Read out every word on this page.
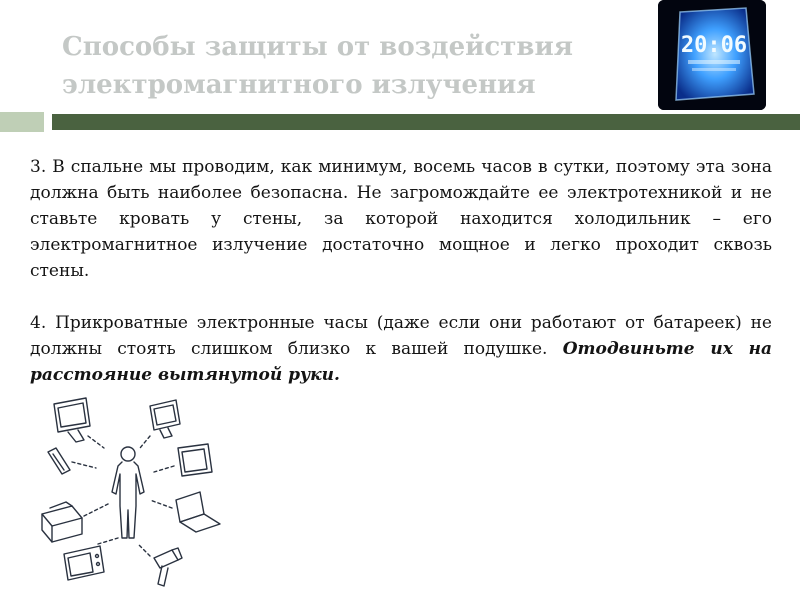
Способы защиты от воздействия
электромагнитного излучения
20:06

3. В спальне мы проводим, как минимум, восемь часов в сутки, поэтому эта зона должна быть наиболее безопасна. Не загромождайте ее электротехникой и не ставьте кровать у стены, за которой находится холодильник – его электромагнитное излучение достаточно мощное и легко проходит сквозь стены.

4. Прикроватные электронные часы (даже если они работают от батареек) не должны стоять слишком близко к вашей подушке. Отодвиньте их на расстояние вытянутой руки.
